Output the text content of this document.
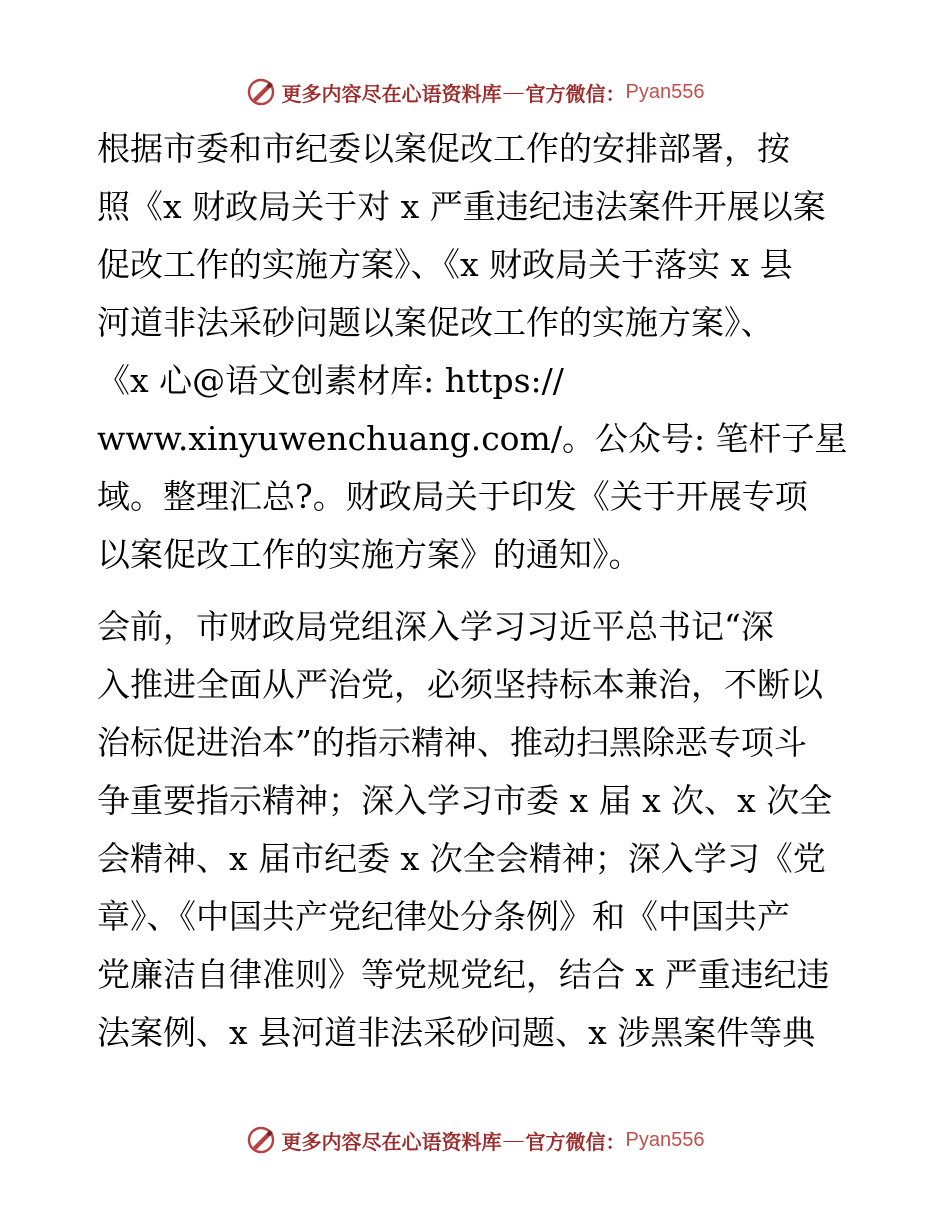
更多内容尽在心语资料库 — 官方微信： Pyan556
根据市委和市纪委以案促改工作的安排部署，按
照《x 财政局关于对 x 严重违纪违法案件开展以案
促改工作的实施方案》、《x 财政局关于落实 x 县
河道非法采砂问题以案促改工作的实施方案》、
《x 心@语文创素材库: https://
www.xinyuwenchuang.com/。公众号: 笔杆子星
域。整理汇总?。财政局关于印发《关于开展专项
以案促改工作的实施方案》的通知》。
会前，市财政局党组深入学习习近平总书记“深
入推进全面从严治党，必须坚持标本兼治，不断以
治标促进治本”的指示精神、推动扫黑除恶专项斗
争重要指示精神；深入学习市委 x 届 x 次、x 次全
会精神、x 届市纪委 x 次全会精神；深入学习《党
章》、《中国共产党纪律处分条例》和《中国共产
党廉洁自律准则》等党规党纪，结合 x 严重违纪违
法案例、x 县河道非法采砂问题、x 涉黑案件等典
更多内容尽在心语资料库 — 官方微信： Pyan556
